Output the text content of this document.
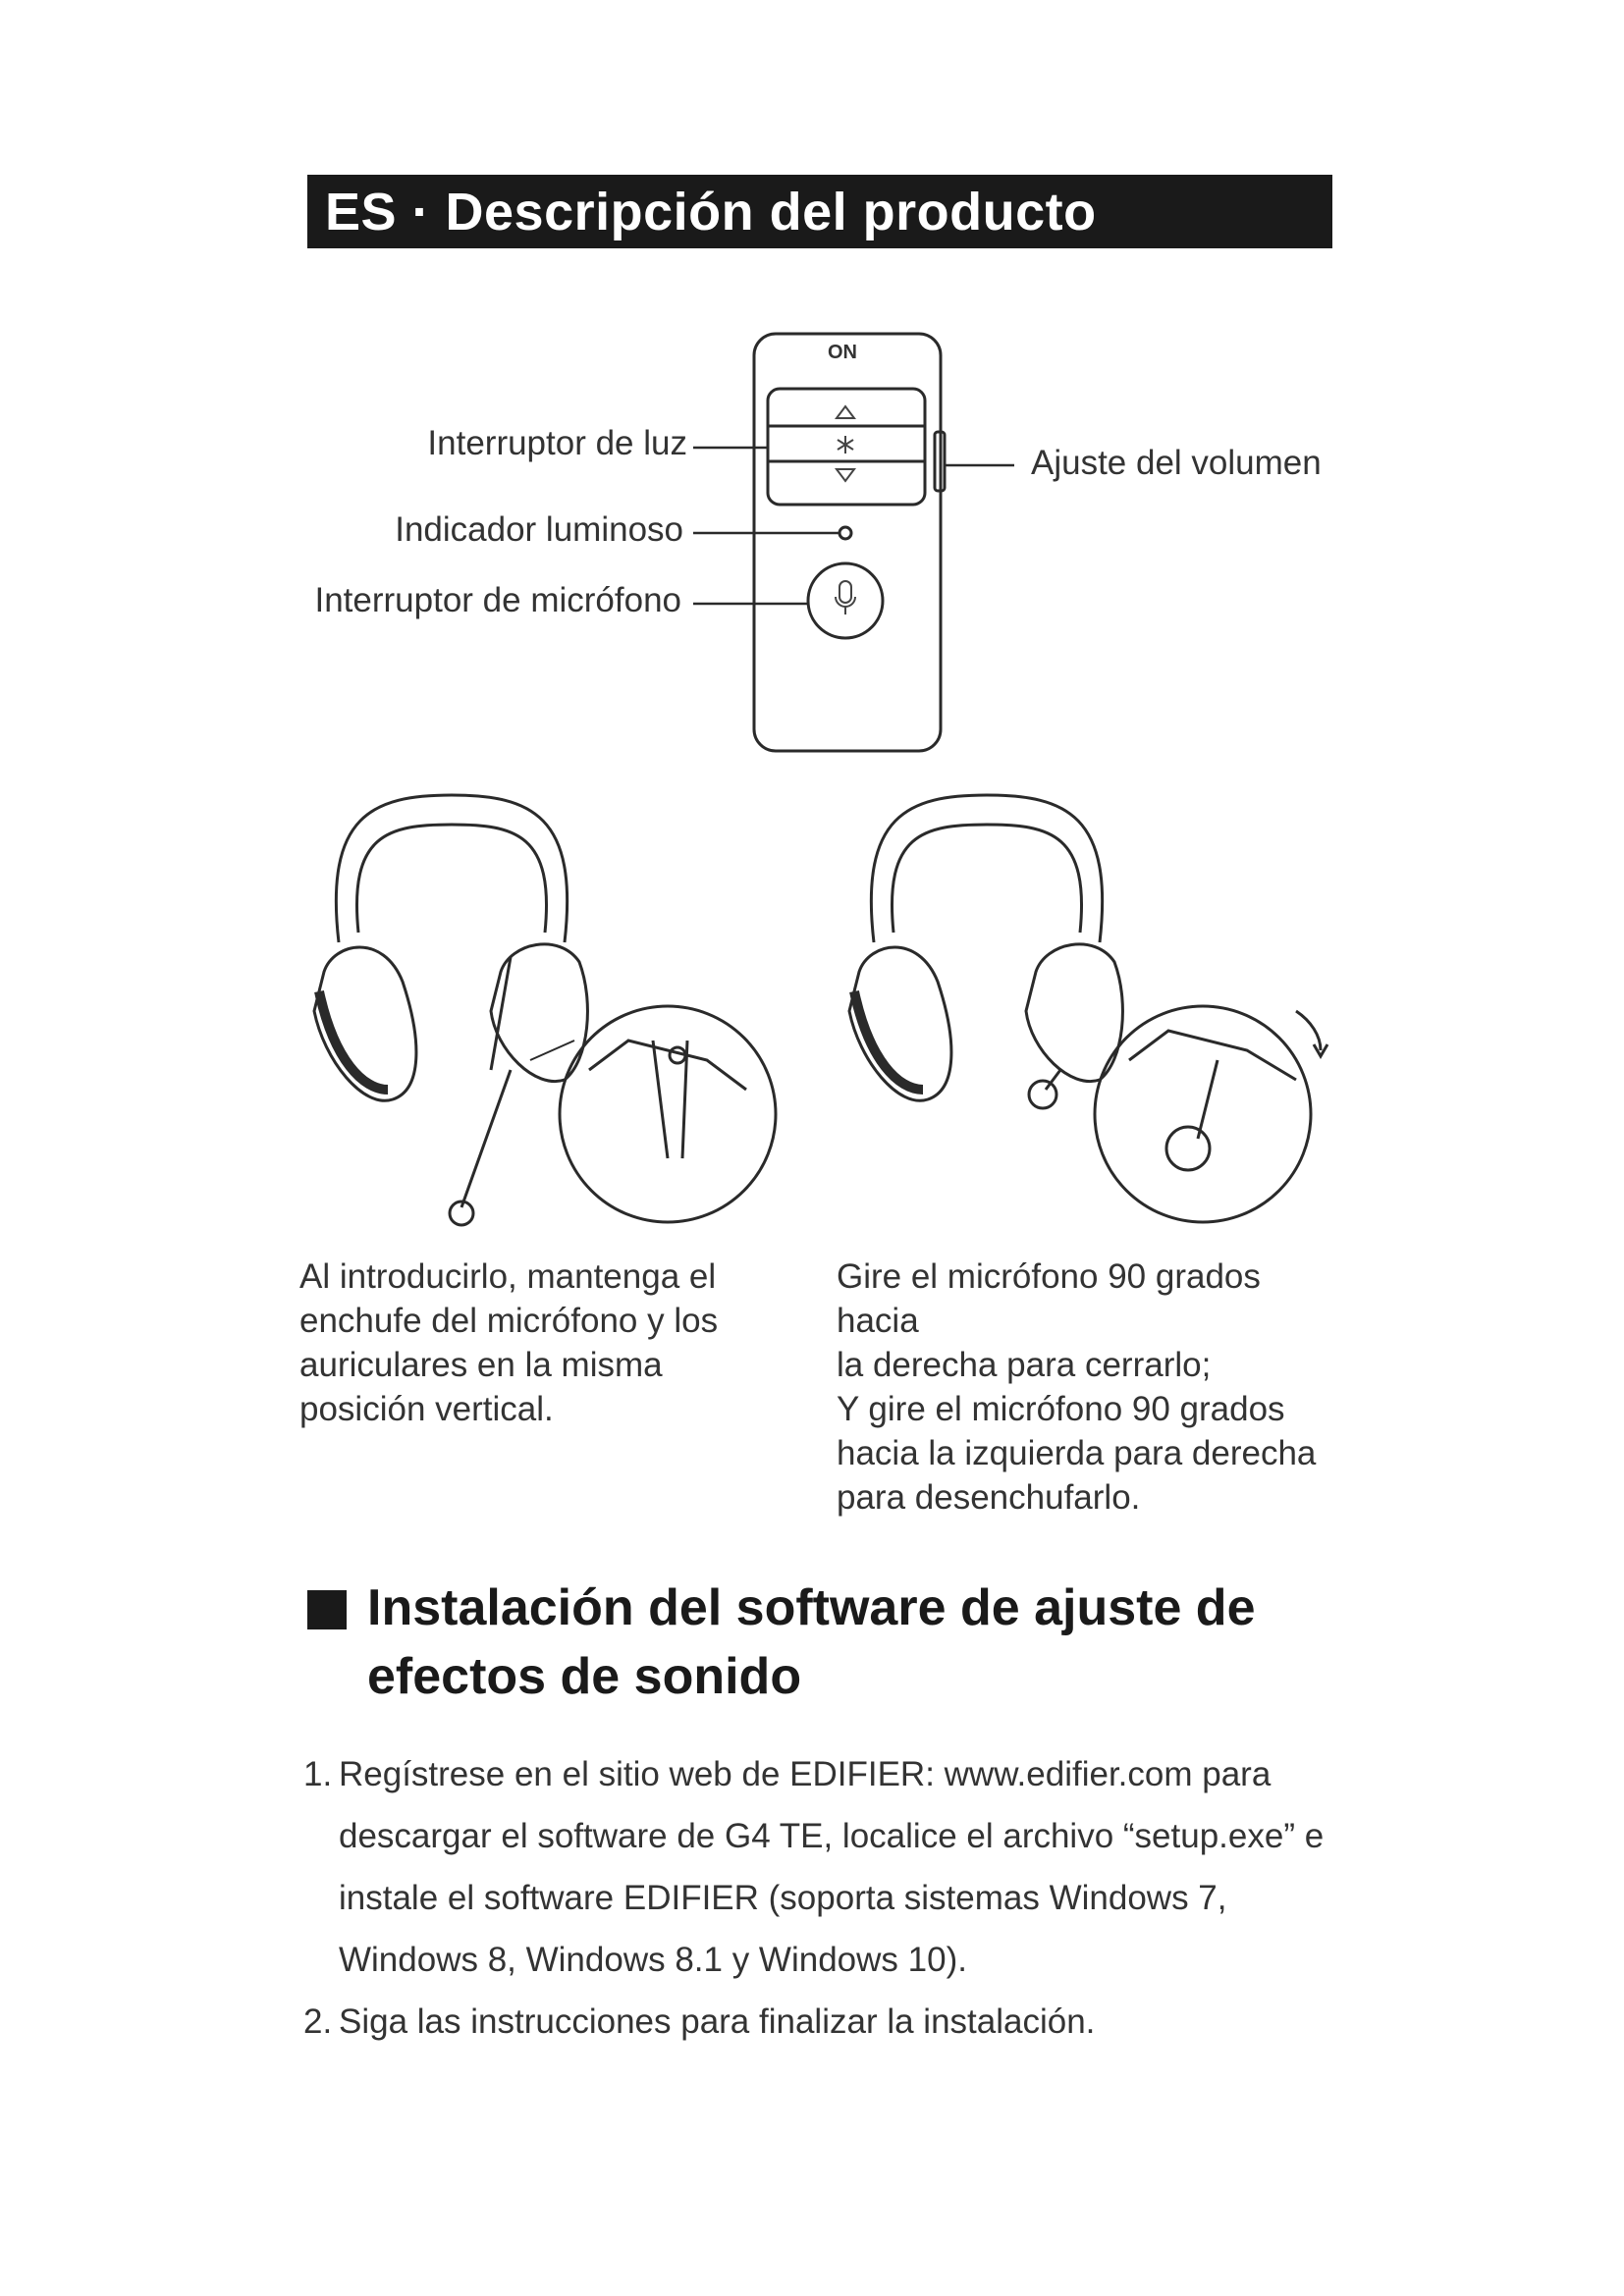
ES · Descripción del producto
ON
Interruptor de luz
Indicador luminoso
Interruptor de micrófono
Ajuste del volumen
Al introducirlo, mantenga el
enchufe del micrófono y los
auriculares en la misma
posición vertical.
Gire el micrófono 90 grados hacia
la derecha para cerrarlo;
Y gire el micrófono 90 grados
hacia la izquierda para derecha
para desenchufarlo.
Instalación del software de ajuste de
efectos de sonido
1. Regístrese en el sitio web de EDIFIER: www.edifier.com para
descargar el software de G4 TE, localice el archivo “setup.exe” e
instale el software EDIFIER (soporta sistemas Windows 7,
Windows 8, Windows 8.1 y Windows 10).
2. Siga las instrucciones para finalizar la instalación.
